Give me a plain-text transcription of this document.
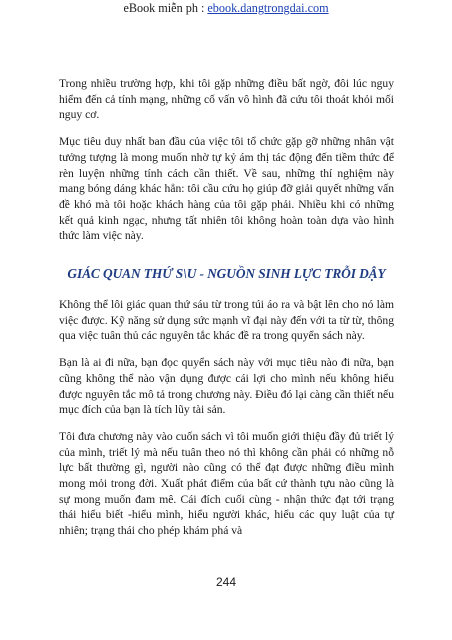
eBook miễn ph : ebook.dangtrongdai.com

Trong nhiều trường hợp, khi tôi gặp những điều bất ngờ, đôi lúc nguy hiểm đến cả tính mạng, những cố vấn vô hình đã cứu tôi thoát khỏi mối nguy cơ.

Mục tiêu duy nhất ban đầu của việc tôi tổ chức gặp gỡ những nhân vật tưởng tượng là mong muốn nhờ tự kỷ ám thị tác động đến tiềm thức để rèn luyện những tính cách cần thiết. Về sau, những thí nghiệm này mang bóng dáng khác hẳn: tôi cầu cứu họ giúp đỡ giải quyết những vấn đề khó mà tôi hoặc khách hàng của tôi gặp phải. Nhiều khi có những kết quả kinh ngạc, nhưng tất nhiên tôi không hoàn toàn dựa vào hình thức làm việc này.

GIÁC QUAN THỨ S\U - NGUỒN SINH LỰC TRỖI DẬY

Không thể lôi giác quan thứ sáu từ trong túi áo ra và bật lên cho nó làm việc được. Kỹ năng sử dụng sức mạnh vĩ đại này đến với ta từ từ, thông qua việc tuân thủ các nguyên tắc khác đề ra trong quyển sách này.

Bạn là ai đi nữa, bạn đọc quyển sách này với mục tiêu nào đi nữa, bạn cũng không thể nào vận dụng được cái lợi cho mình nếu không hiểu được nguyên tắc mô tả trong chương này. Điều đó lại càng cần thiết nếu mục đích của bạn là tích lũy tài sản.

Tôi đưa chương này vào cuốn sách vì tôi muốn giới thiệu đầy đủ triết lý của mình, triết lý mà nếu tuân theo nó thì không cần phải có những nỗ lực bất thường gì, người nào cũng có thể đạt được những điều mình mong mỏi trong đời. Xuất phát điểm của bất cứ thành tựu nào cũng là sự mong muốn đam mê. Cái đích cuối cùng - nhận thức đạt tới trạng thái hiểu biết -hiểu mình, hiểu người khác, hiểu các quy luật của tự nhiên; trạng thái cho phép khám phá và

244
